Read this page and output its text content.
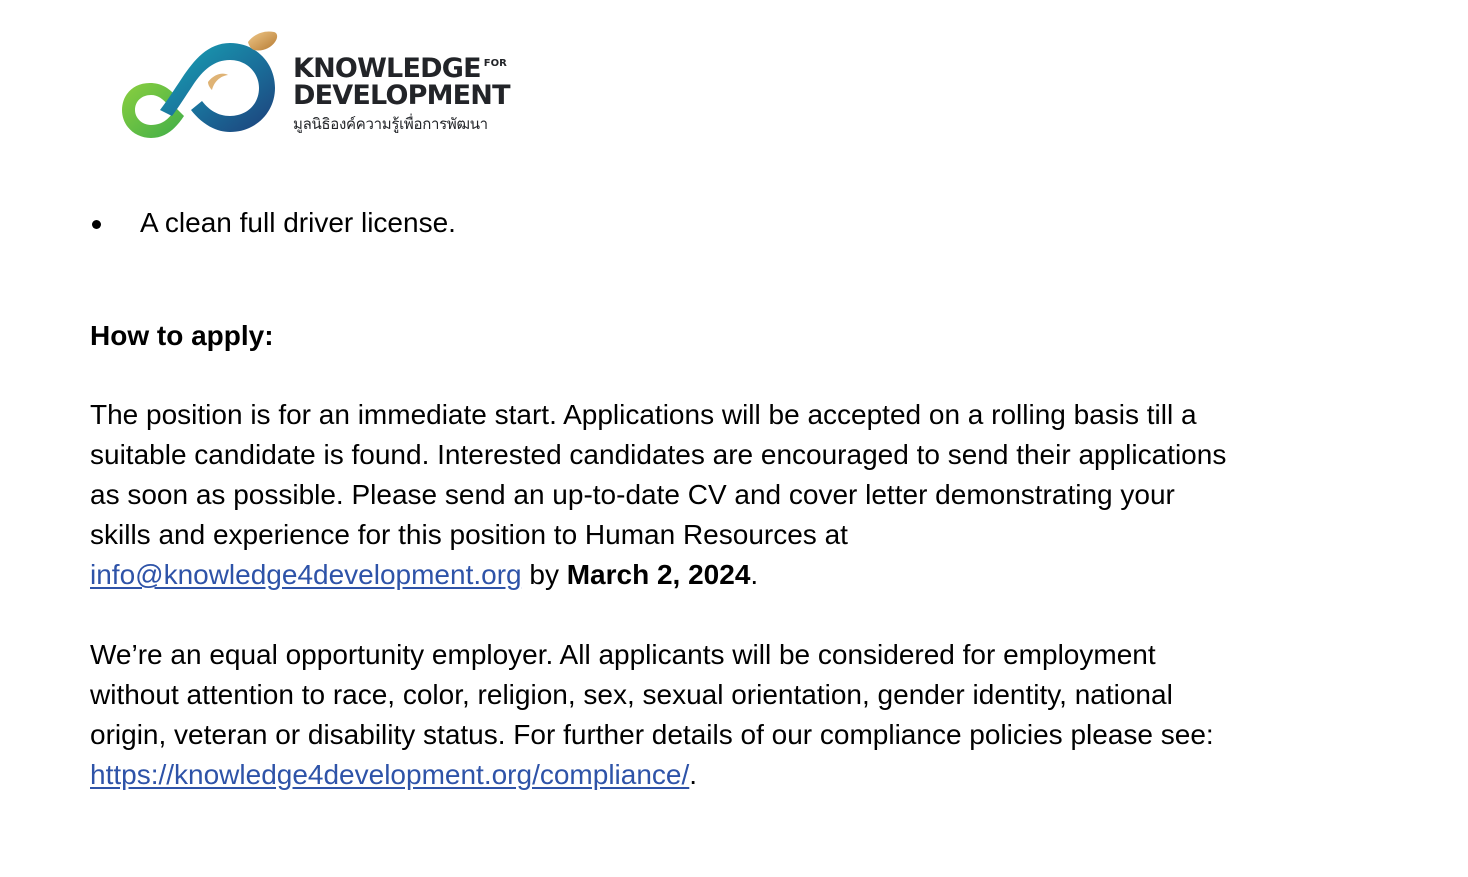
KNOWLEDGE $^{FOR}$
DEVELOPMENT
มูลนิธิองค์ความรู้เพื่อการพัฒนา
A clean full driver license.
How to apply:
The position is for an immediate start. Applications will be accepted on a rolling basis till a
suitable candidate is found. Interested candidates are encouraged to send their applications
as soon as possible. Please send an up-to-date CV and cover letter demonstrating your
skills and experience for this position to Human Resources at
info@knowledge4development.org by March 2, 2024.
We’re an equal opportunity employer. All applicants will be considered for employment
without attention to race, color, religion, sex, sexual orientation, gender identity, national
origin, veteran or disability status. For further details of our compliance policies please see:
https://knowledge4development.org/compliance/.
